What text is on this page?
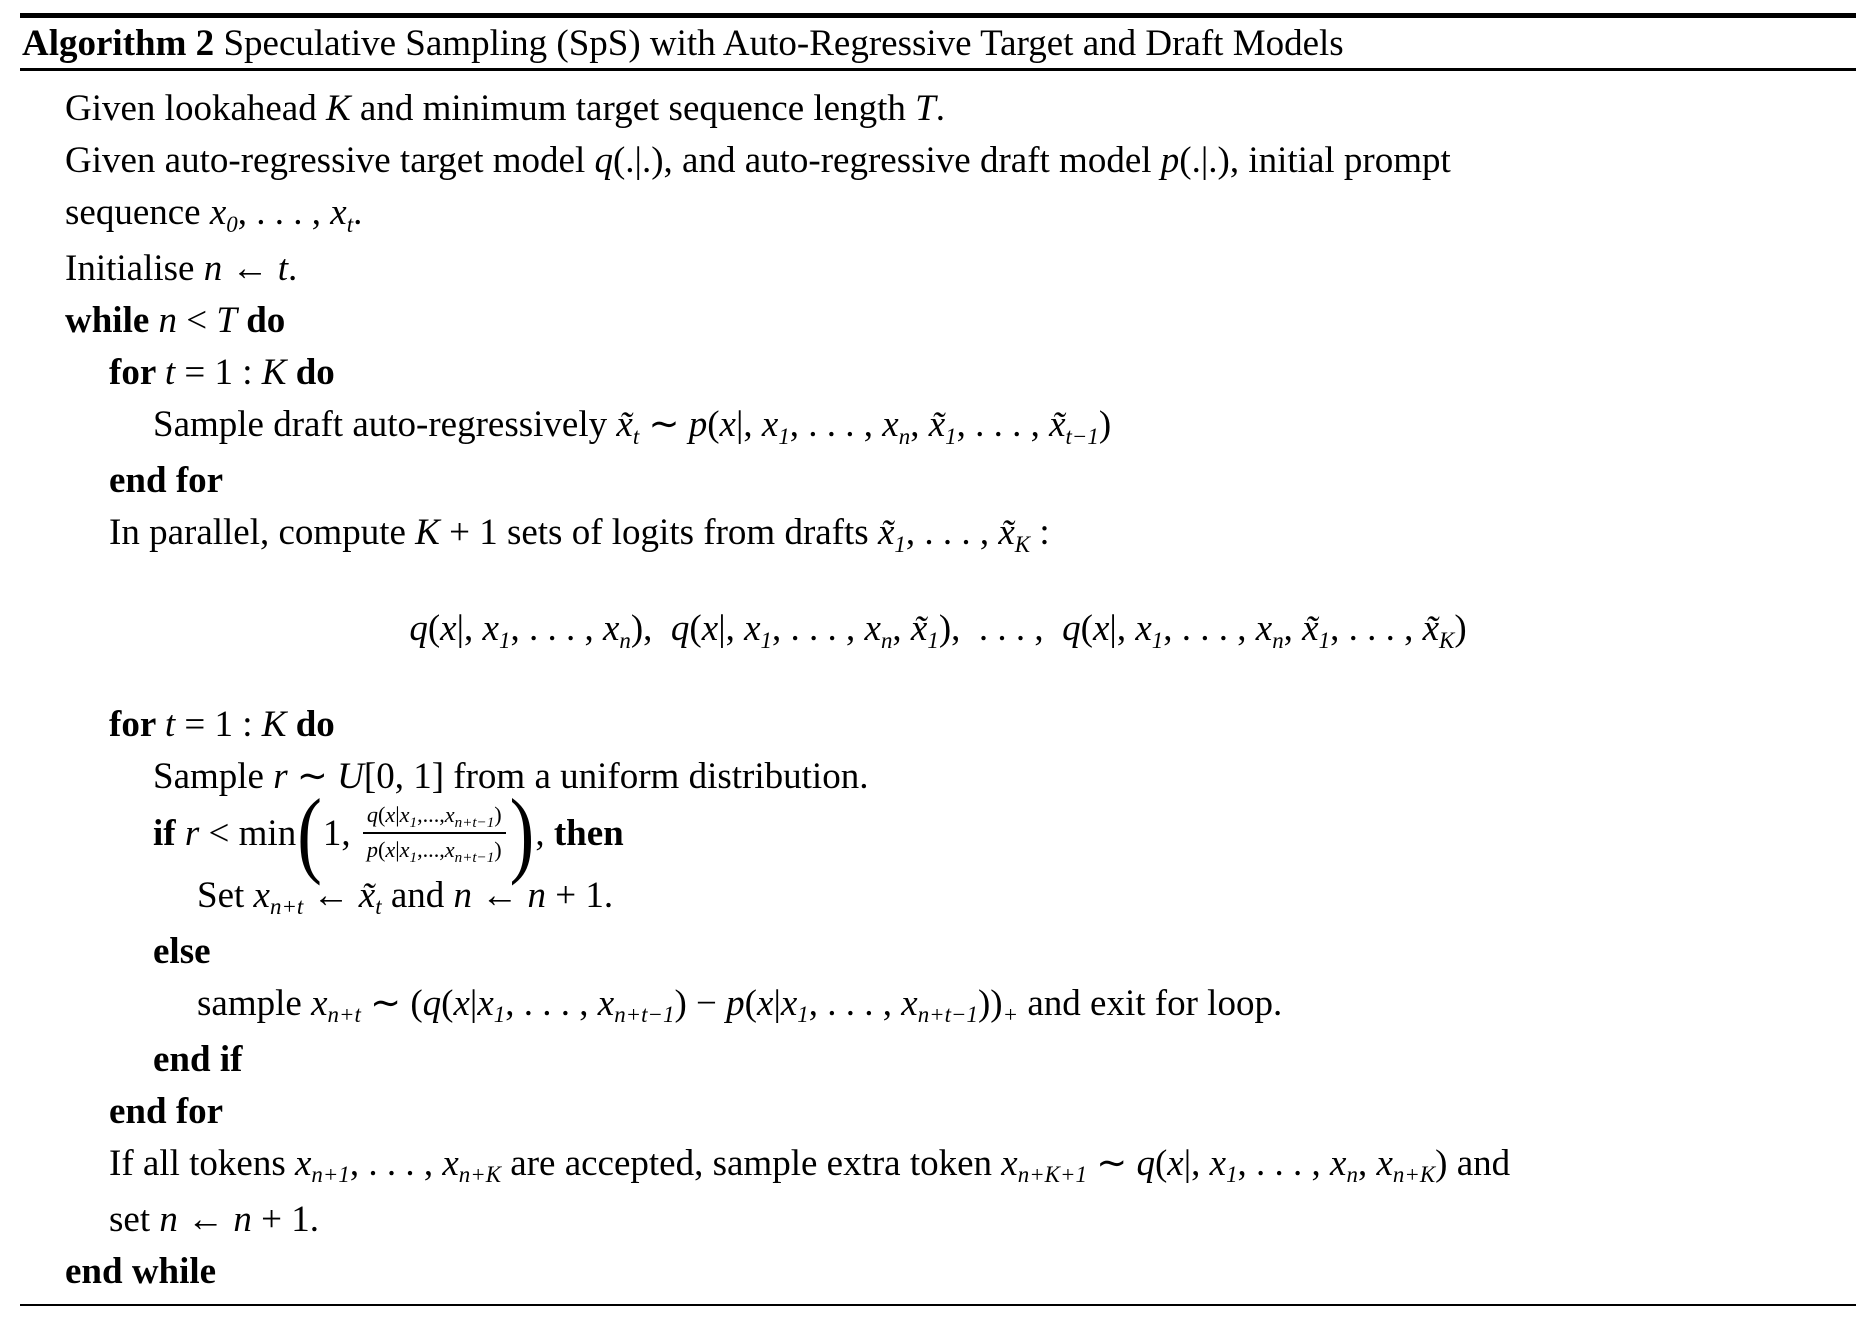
Algorithm 2 Speculative Sampling (SpS) with Auto-Regressive Target and Draft Models
Given lookahead K and minimum target sequence length T.
Given auto-regressive target model q(.|.), and auto-regressive draft model p(.|.), initial prompt
sequence x0, . . . , xt.
Initialise n ← t.
while n < T do
for t = 1 : K do
Sample draft auto-regressively x̃t ∼ p(x|, x1, . . . , xn, x̃1, . . . , x̃t−1)
end for
In parallel, compute K + 1 sets of logits from drafts x̃1, . . . , x̃K :
q(x|, x1, . . . , xn),  q(x|, x1, . . . , xn, x̃1),  . . . ,  q(x|, x1, . . . , xn, x̃1, . . . , x̃K)
for t = 1 : K do
Sample r ∼ U[0, 1] from a uniform distribution.
if r < min(1, $\frac{q(x|x1,...,xn+t-1)}{p(x|x1,...,xn+t-1)}$ ), then
Set xn+t ← x̃t and n ← n + 1.
else
sample xn+t ∼ (q(x|x1, . . . , xn+t−1) − p(x|x1, . . . , xn+t−1))+ and exit for loop.
end if
end for
If all tokens xn+1, . . . , xn+K are accepted, sample extra token xn+K+1 ∼ q(x|, x1, . . . , xn, xn+K) and
set n ← n + 1.
end while
